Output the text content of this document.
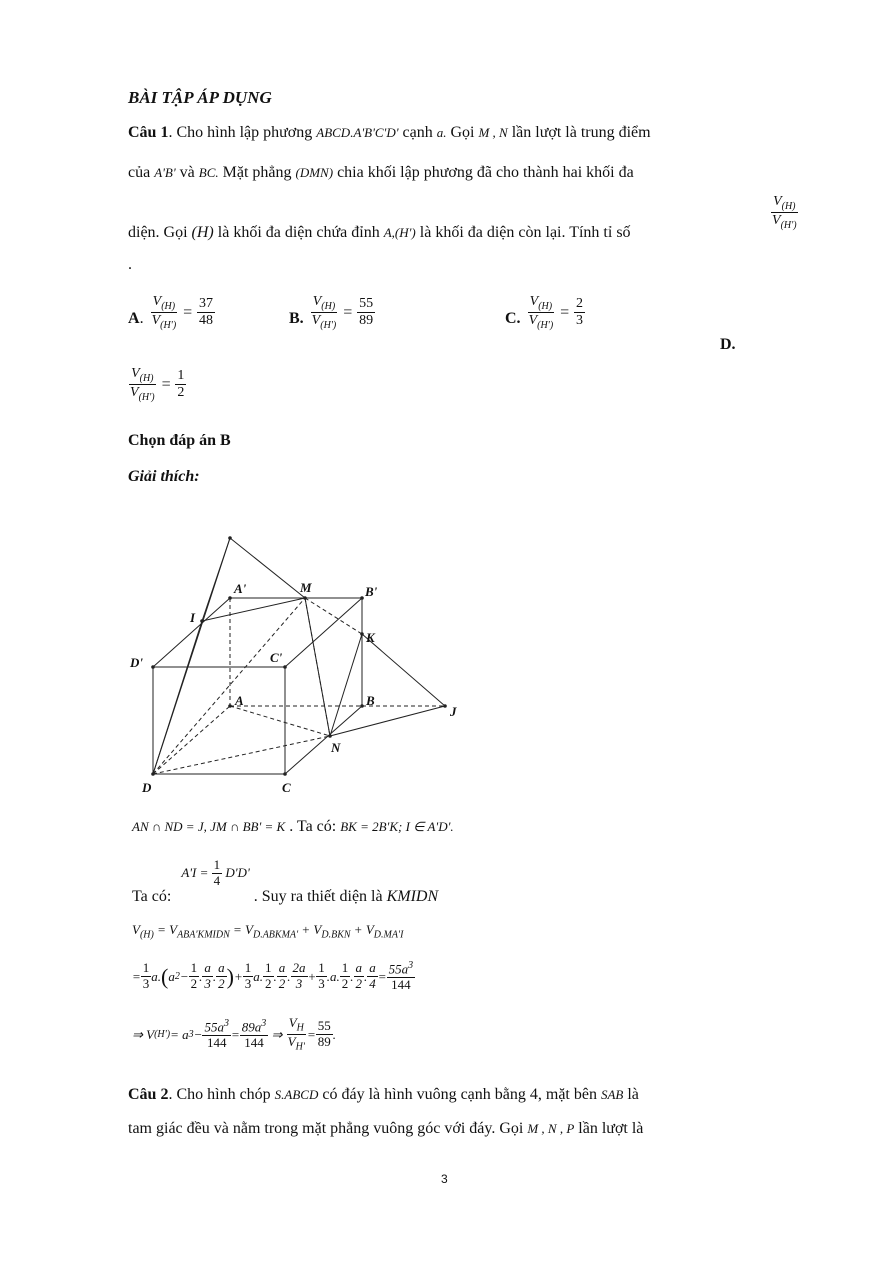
BÀI TẬP ÁP DỤNG
Câu 1. Cho hình lập phương ABCD.A'B'C'D' cạnh a. Gọi M , N lần lượt là trung điểm
của A'B' và BC. Mặt phẳng (DMN) chia khối lập phương đã cho thành hai khối đa
diện. Gọi (H) là khối đa diện chứa đỉnh A,(H') là khối đa diện còn lại. Tính tỉ số
$\frac{V_{(H)}}{V_{(H')}}$
.
A. $\frac{V_{(H)}}{V_{(H')}} = \frac{37}{48}$	B. $\frac{V_{(H)}}{V_{(H')}} = \frac{55}{89}$	C. $\frac{V_{(H)}}{V_{(H')}} = \frac{2}{3}$
D.
$\frac{V_{(H)}}{V_{(H')}} = \frac{1}{2}$
Chọn đáp án B
Giải thích:
A'	M	B'
I
K
D'	C'
A	B
J
N
D	C
AN ∩ ND = J, JM ∩ BB' = K . Ta có: BK = 2B'K; I ∈ A'D'.
Ta có: $A'I = \frac{1}{4} D'D'$ . Suy ra thiết diện là KMIDN
$V_{(H)} = V_{ABA'KMIDN} = V_{D.ABKMA'} + V_{D.BKN} + V_{D.MA'I}$
= $\frac{1}{3} a$. ( a $2 - \frac{1}{2}$ . $\frac{a}{3}$ . $\frac{a}{2}$ ) + $\frac{1}{3} a$. $\frac{1}{2}$ . $\frac{a}{2}$ . $\frac{2a}{3} + \frac{1}{3} .a$. $\frac{1}{2}$ . $\frac{a}{2}$ . $\frac{a}{4} = \frac{55a^3}{144}$
⇒ V (H') = a $3 - \frac{55a^3}{144} = \frac{89a^3}{144}$ ⇒ $\frac{V_H}{V_{H'}} = \frac{55}{89}$ .
Câu 2. Cho hình chóp S.ABCD có đáy là hình vuông cạnh bằng 4, mặt bên SAB là
tam giác đều và nằm trong mặt phẳng vuông góc với đáy. Gọi M , N , P lần lượt là
3
